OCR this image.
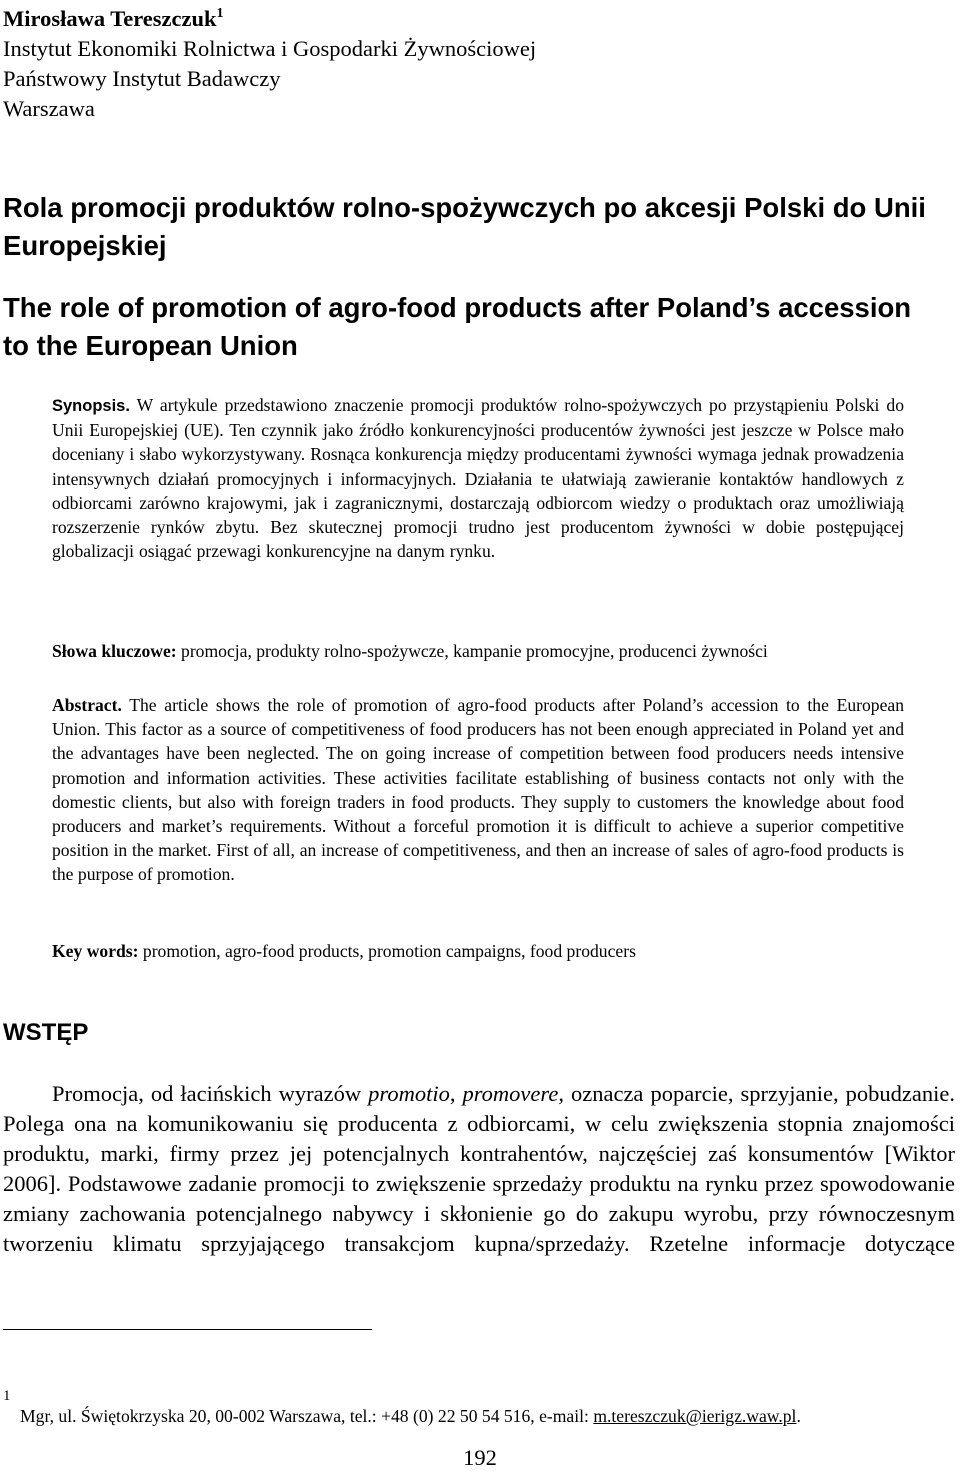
Mirosława Tereszczuk$^1$
Instytut Ekonomiki Rolnictwa i Gospodarki Żywnościowej
Państwowy Instytut Badawczy
Warszawa
Rola promocji produktów rolno-spożywczych po akcesji Polski do Unii Europejskiej
The role of promotion of agro-food products after Poland’s accession to the European Union
Synopsis. W artykule przedstawiono znaczenie promocji produktów rolno-spożywczych po przystąpieniu Polski do Unii Europejskiej (UE). Ten czynnik jako źródło konkurencyjności producentów żywności jest jeszcze w Polsce mało doceniany i słabo wykorzystywany. Rosnąca konkurencja między producentami żywności wymaga jednak prowadzenia intensywnych działań promocyjnych i informacyjnych. Działania te ułatwiają zawieranie kontaktów handlowych z odbiorcami zarówno krajowymi, jak i zagranicznymi, dostarczają odbiorcom wiedzy o produktach oraz umożliwiają rozszerzenie rynków zbytu. Bez skutecznej promocji trudno jest producentom żywności w dobie postępującej globalizacji osiągać przewagi konkurencyjne na danym rynku.
Słowa kluczowe: promocja, produkty rolno-spożywcze, kampanie promocyjne, producenci żywności
Abstract. The article shows the role of promotion of agro-food products after Poland’s accession to the European Union. This factor as a source of competitiveness of food producers has not been enough appreciated in Poland yet and the advantages have been neglected. The on going increase of competition between food producers needs intensive promotion and information activities. These activities facilitate establishing of business contacts not only with the domestic clients, but also with foreign traders in food products. They supply to customers the knowledge about food producers and market’s requirements. Without a forceful promotion it is difficult to achieve a superior competitive position in the market. First of all, an increase of competitiveness, and then an increase of sales of agro-food products is the purpose of promotion.
Key words: promotion, agro-food products, promotion campaigns, food producers
WSTĘP
Promocja, od łacińskich wyrazów promotio, promovere, oznacza poparcie, sprzyjanie, pobudzanie. Polega ona na komunikowaniu się producenta z odbiorcami, w celu zwiększenia stopnia znajomości produktu, marki, firmy przez jej potencjalnych kontrahentów, najczęściej zaś konsumentów [Wiktor 2006]. Podstawowe zadanie promocji to zwiększenie sprzedaży produktu na rynku przez spowodowanie zmiany zachowania potencjalnego nabywcy i skłonienie go do zakupu wyrobu, przy równoczesnym tworzeniu klimatu sprzyjającego transakcjom kupna/sprzedaży. Rzetelne informacje dotyczące
1
Mgr, ul. Świętokrzyska 20, 00-002 Warszawa, tel.: +48 (0) 22 50 54 516, e-mail: m.tereszczuk@ierigz.waw.pl.
192
